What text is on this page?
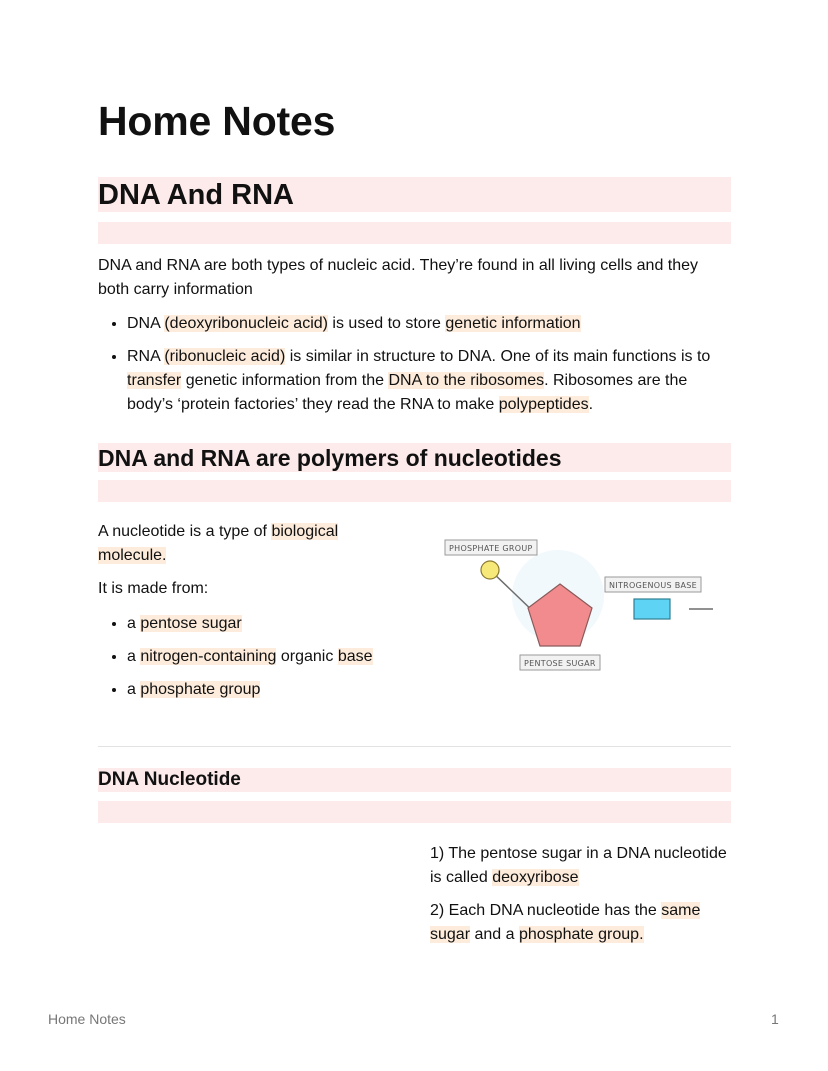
Home Notes
DNA And RNA

DNA and RNA are both types of nucleic acid. They’re found in all living cells and they both carry information

• DNA (deoxyribonucleic acid) is used to store genetic information
• RNA (ribonucleic acid) is similar in structure to DNA. One of its main functions is to transfer genetic information from the DNA to the ribosomes. Ribosomes are the body’s ‘protein factories’ they read the RNA to make polypeptides.
DNA and RNA are polymers of nucleotides

A nucleotide is a type of biological molecule.

It is made from:

• a pentose sugar
• a nitrogen-containing organic base
• a phosphate group
PHOSPHATE GROUP
NITROGENOUS BASE
PENTOSE SUGAR
DNA Nucleotide

1) The pentose sugar in a DNA nucleotide is called deoxyribose

2) Each DNA nucleotide has the same sugar and a phosphate group.

Home Notes	1
